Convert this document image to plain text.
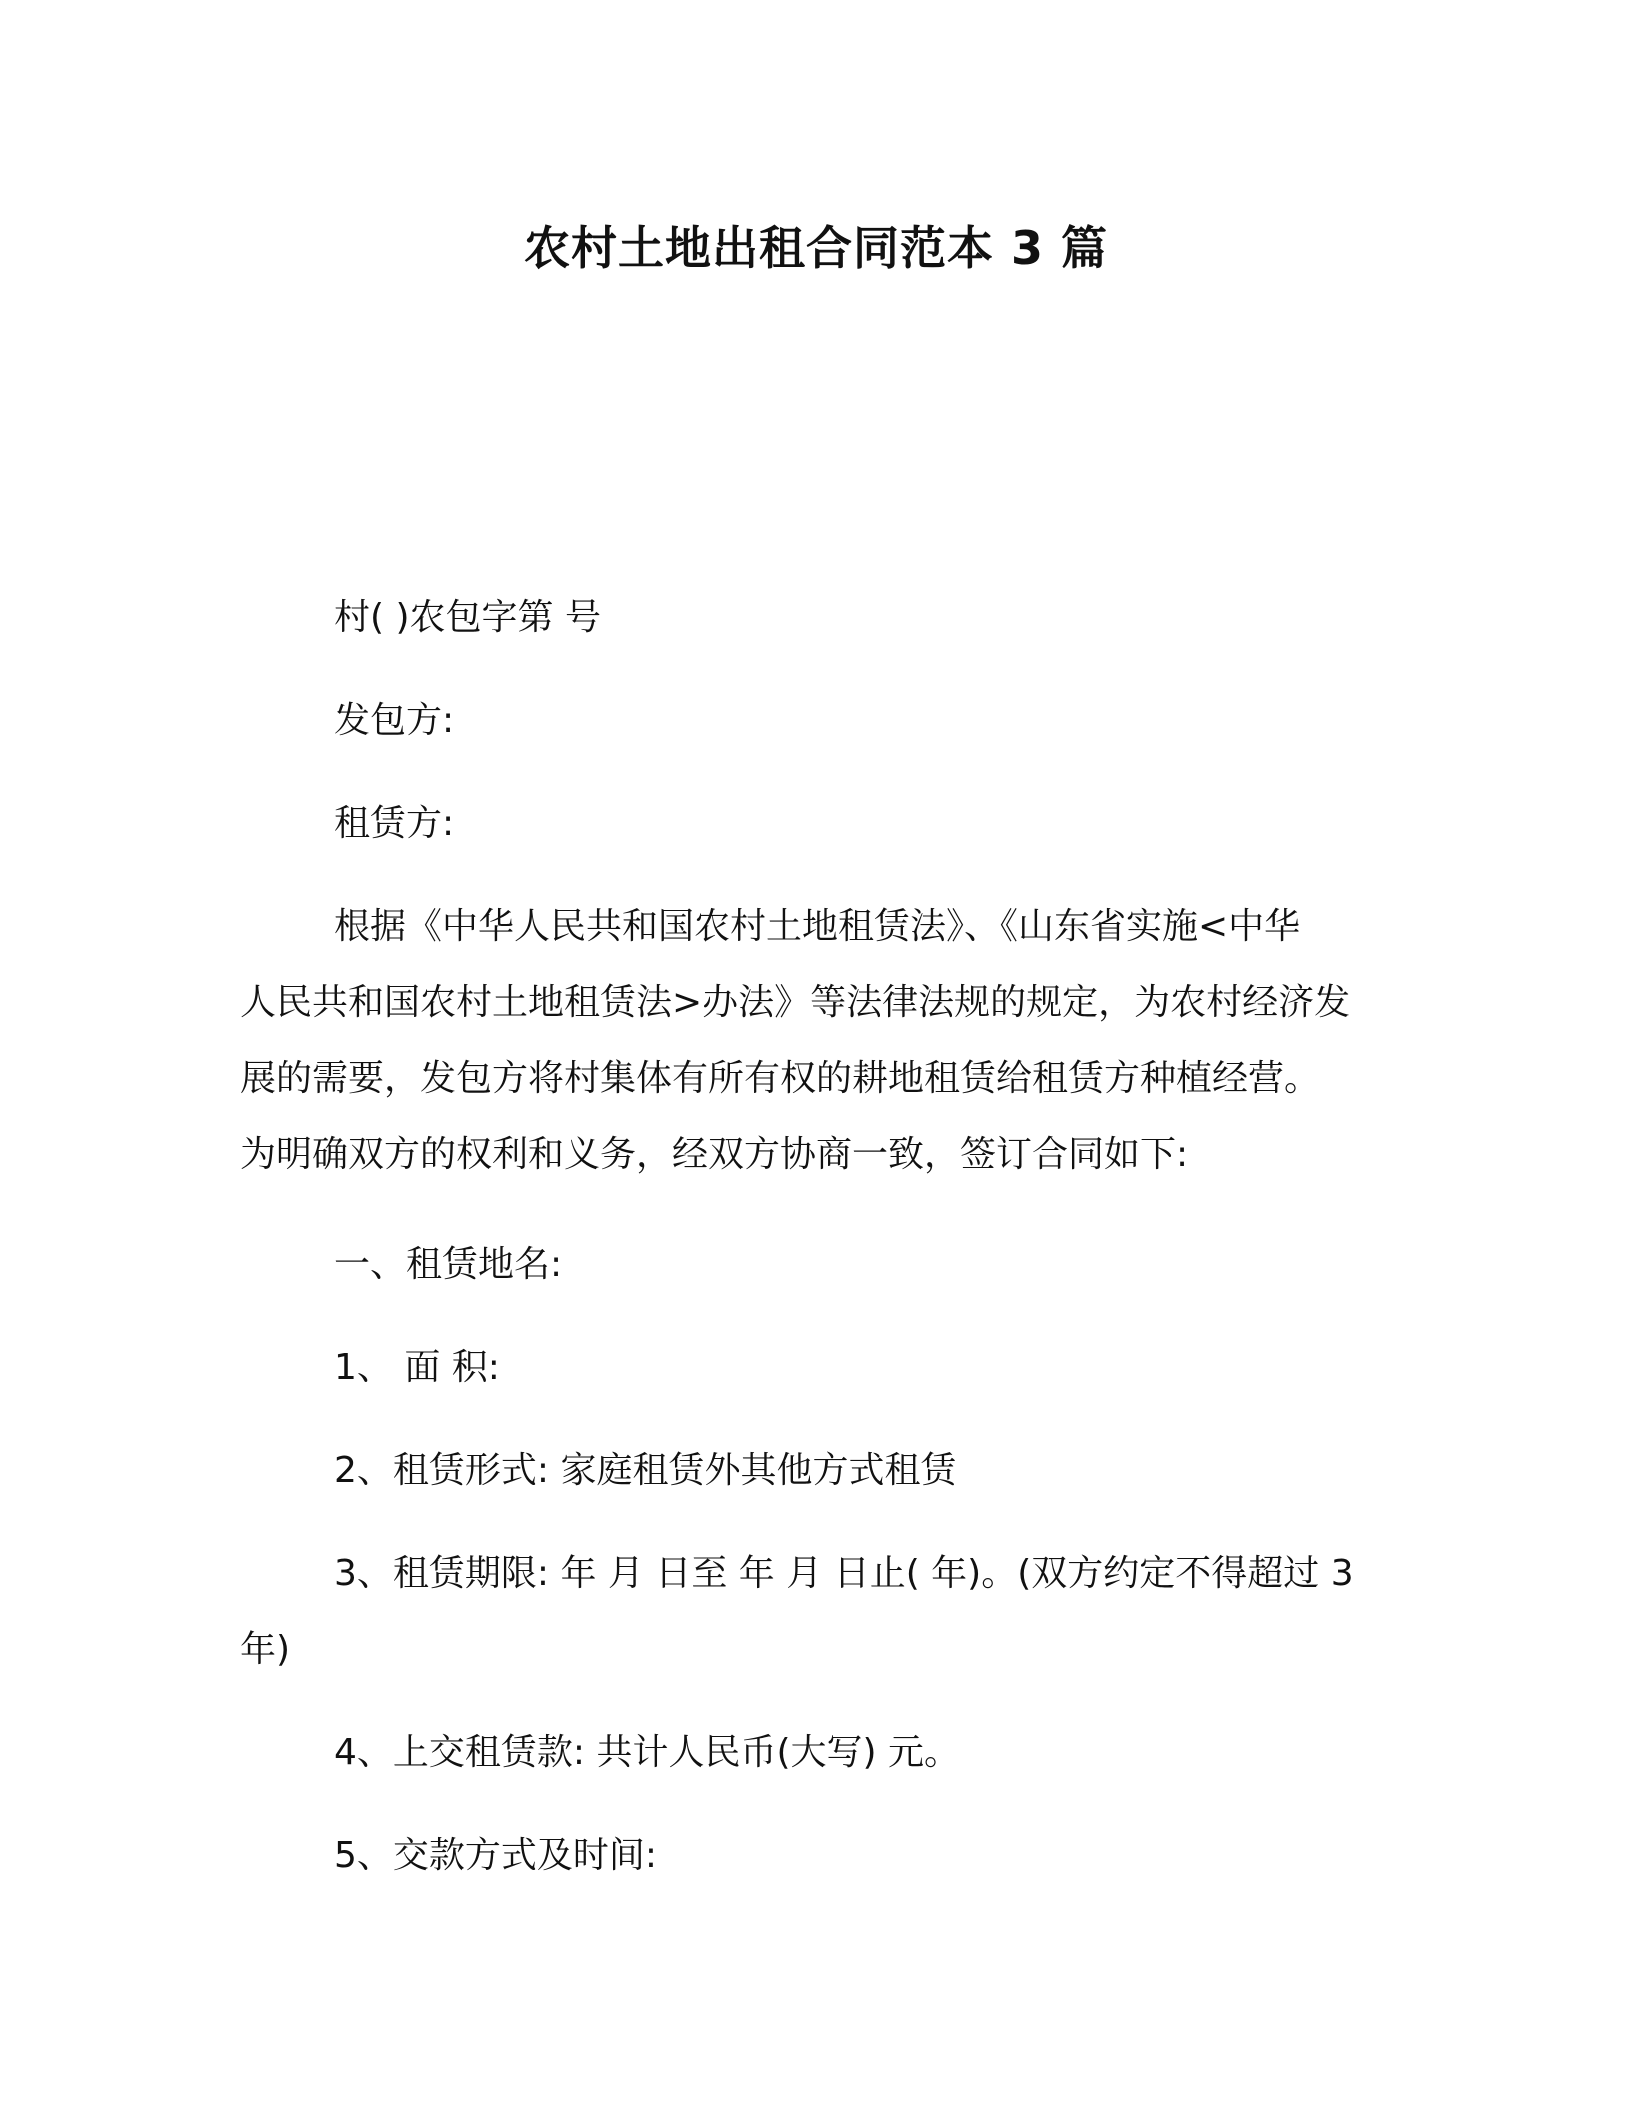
农村土地出租合同范本 3 篇
村( )农包字第 号
发包方:
租赁方:
根据《中华人民共和国农村土地租赁法》、《山东省实施<中华
人民共和国农村土地租赁法>办法》等法律法规的规定，为农村经济发
展的需要，发包方将村集体有所有权的耕地租赁给租赁方种植经营。
为明确双方的权利和义务，经双方协商一致，签订合同如下:
一、租赁地名:
1、 面 积:
2、租赁形式: 家庭租赁外其他方式租赁
3、租赁期限: 年 月 日至 年 月 日止( 年)。(双方约定不得超过 3
年)
4、上交租赁款: 共计人民币(大写) 元。
5、交款方式及时间:
